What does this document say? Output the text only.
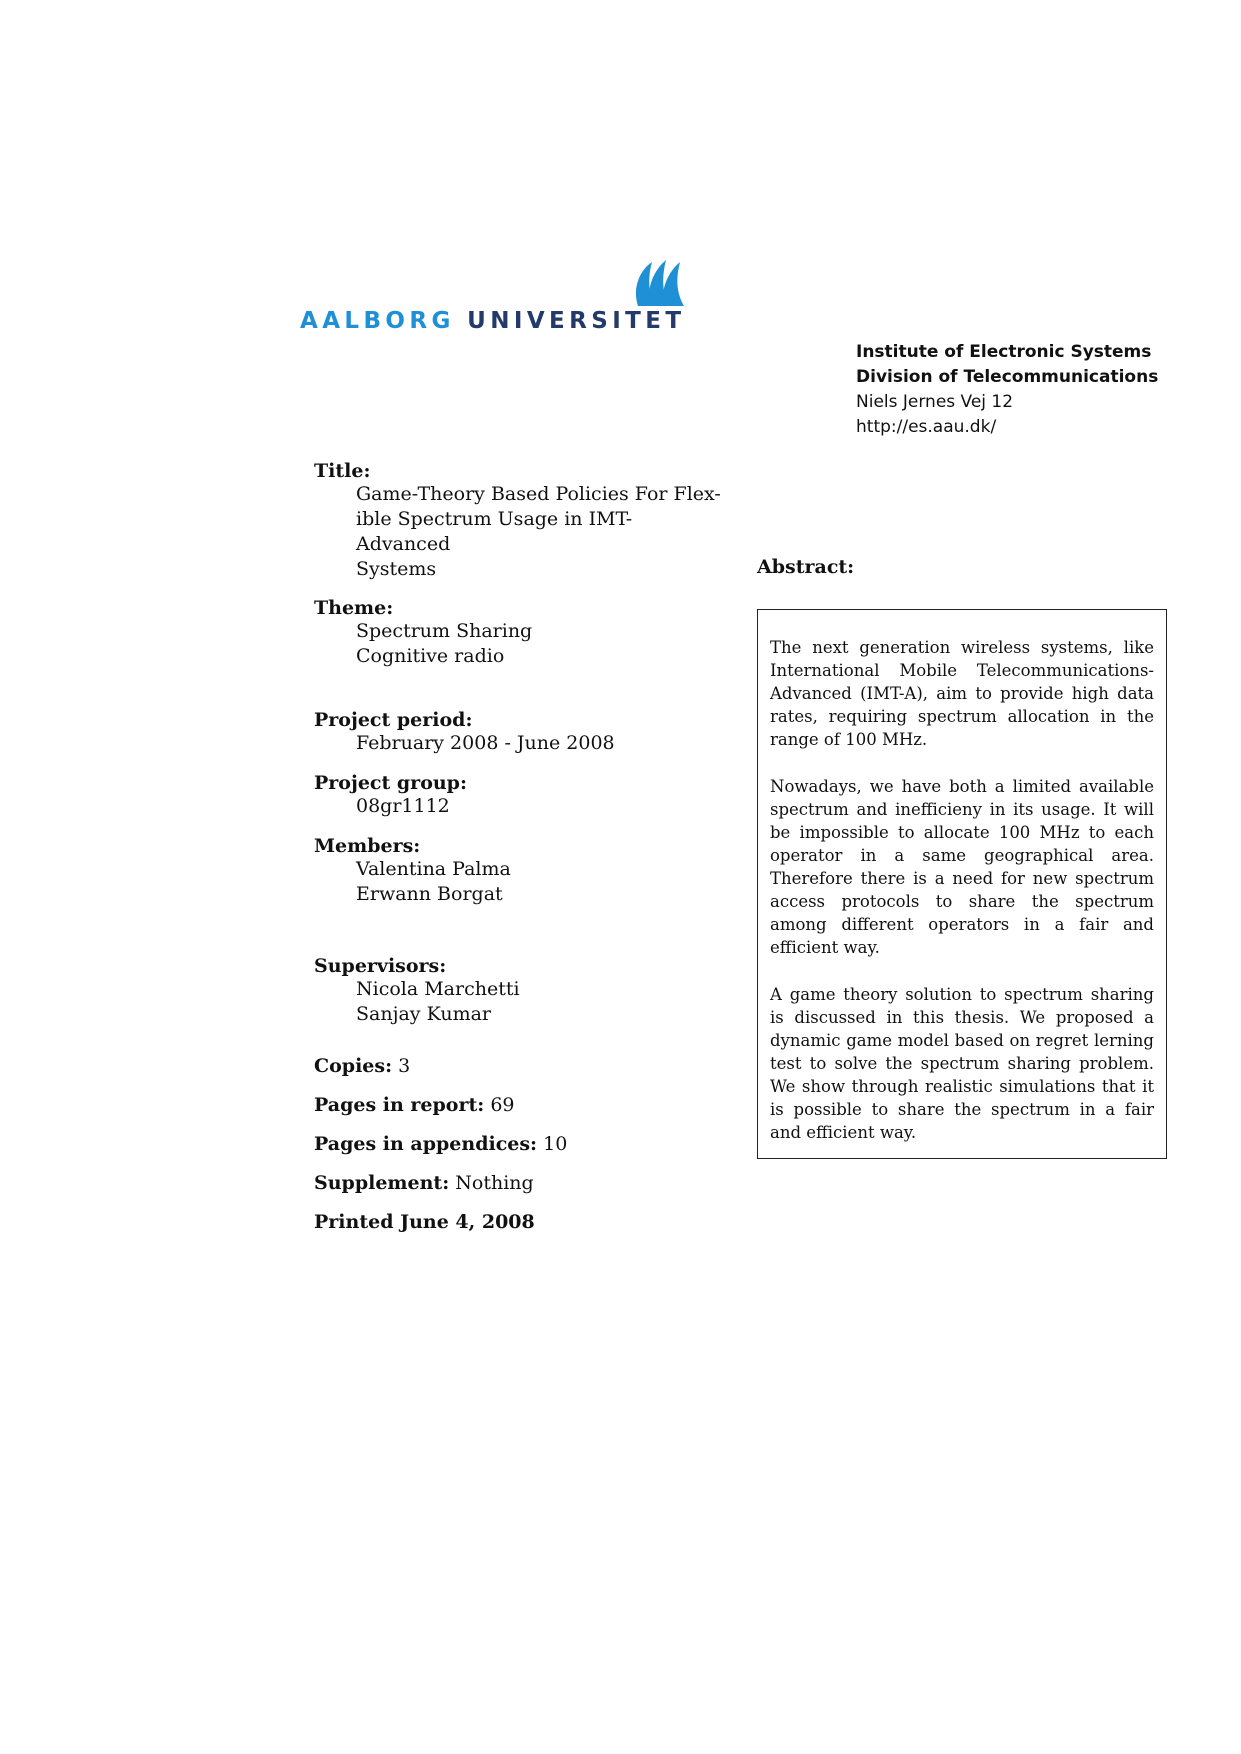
AALBORG UNIVERSITET
Institute of Electronic Systems
Division of Telecommunications
Niels Jernes Vej 12
http://es.aau.dk/
Title:
Game-Theory Based Policies For Flex-
ible Spectrum Usage in IMT-Advanced
Systems
Theme:
Spectrum Sharing
Cognitive radio
Project period:
February 2008 - June 2008
Project group:
08gr1112
Members:
Valentina Palma
Erwann Borgat
Supervisors:
Nicola Marchetti
Sanjay Kumar
Copies: 3
Pages in report: 69
Pages in appendices: 10
Supplement: Nothing
Printed June 4, 2008
Abstract:

The next generation wireless systems, like International Mobile Telecommunications-Advanced (IMT-A), aim to provide high data rates, requiring spectrum allocation in the range of 100 MHz.

Nowadays, we have both a limited available spectrum and inefficieny in its usage. It will be impossible to allocate 100 MHz to each operator in a same geographical area. Therefore there is a need for new spectrum access protocols to share the spectrum among different operators in a fair and efficient way.

A game theory solution to spectrum sharing is discussed in this thesis. We proposed a dynamic game model based on regret lerning test to solve the spectrum sharing problem. We show through realistic simulations that it is possible to share the spectrum in a fair and efficient way.
